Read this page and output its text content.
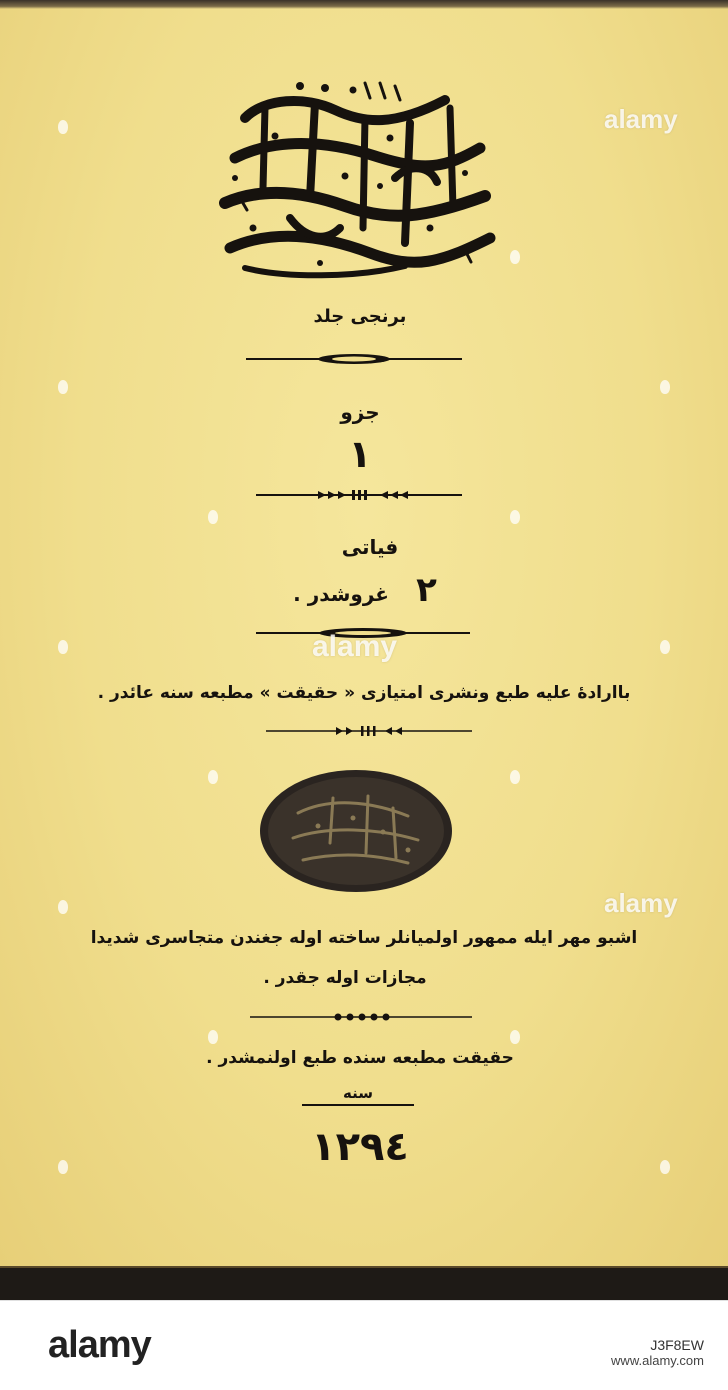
برنجی جلد
جزو
١
فیاتی
٢ غروشدر .
باارادهٔ علیه طبع ونشری امتیازی « حقیقت » مطبعه سنه عائدر .
اشبو مهر ایله ممهور اولمیانلر ساخته اوله جغندن متجاسری شدیدا
مجازات اوله جقدر .
حقیقت مطبعه سنده طبع اولنمشدر .
سنه
١٢٩٤
alamy
alamy
alamy
alamy	J3F8EW
www.alamy.com
